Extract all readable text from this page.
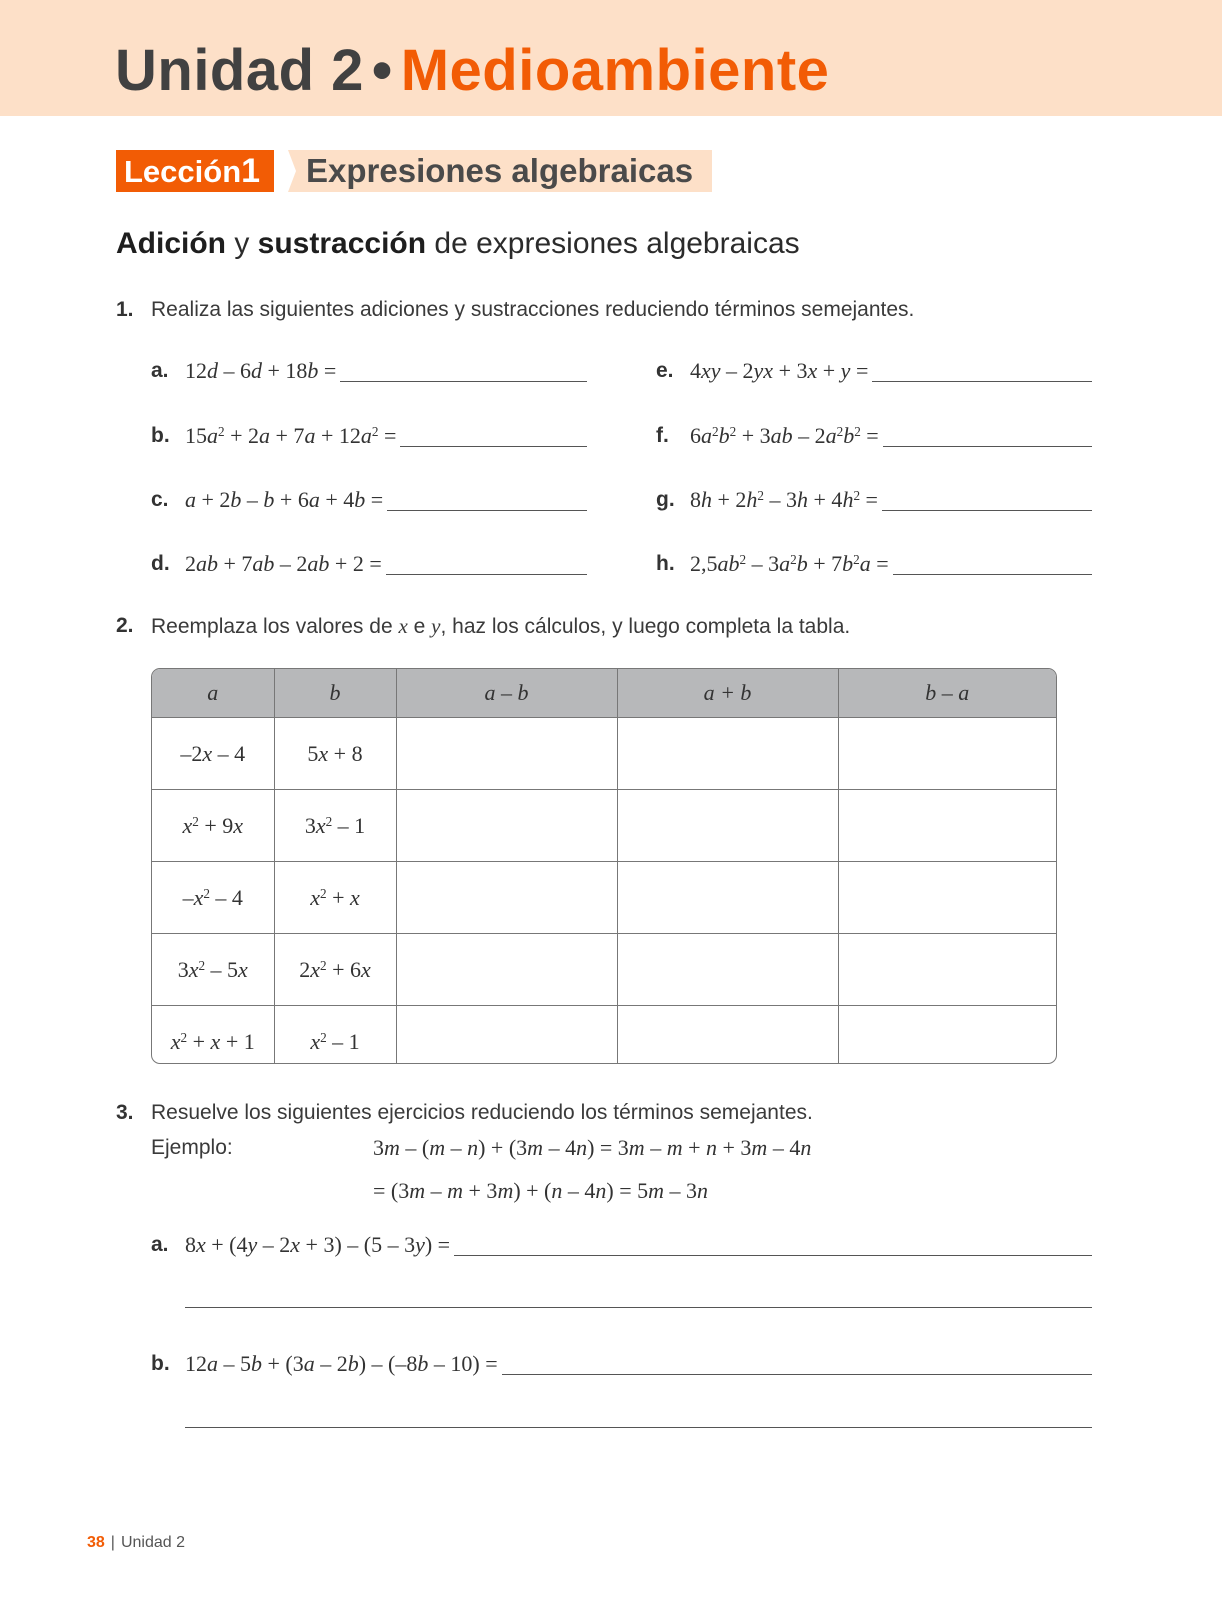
Unidad 2 • Medioambiente
Lección1	Expresiones algebraicas
Adición y sustracción de expresiones algebraicas
1. Realiza las siguientes adiciones y sustracciones reduciendo términos semejantes.
a. 12d – 6d + 18b =
b. $15a^2 + 2a + 7a + 12a^2$ =
c. a + 2b – b + 6a + 4b =
d. 2ab + 7ab – 2ab + 2 =
e. 4xy – 2yx + 3x + y =
f. $6a^2b^2 + 3ab - 2a^2b^2$ =
g. $8h + 2h^2 - 3h + 4h^2$ =
h. $2,5ab^2 - 3a^2b + 7b^2a$ =
2. Reemplaza los valores de x e y, haz los cálculos, y luego completa la tabla.
a	b	a – b	a + b	b – a
–2x – 4	5x + 8			
$x^2 + 9x$	$3x^2 - 1$			
$-x^2 - 4$	$x^2 + x$			
$3x^2 - 5x$	$2x^2 + 6x$			
$x^2 + x + 1$	$x^2 - 1$			
3. Resuelve los siguientes ejercicios reduciendo los términos semejantes.
Ejemplo:	3m – (m – n) + (3m – 4n) = 3m – m + n + 3m – 4n
= (3m – m + 3m) + (n – 4n) = 5m – 3n
a. 8x + (4y – 2x + 3) – (5 – 3y) =
b. 12a – 5b + (3a – 2b) – (–8b – 10) =
38 | Unidad 2
